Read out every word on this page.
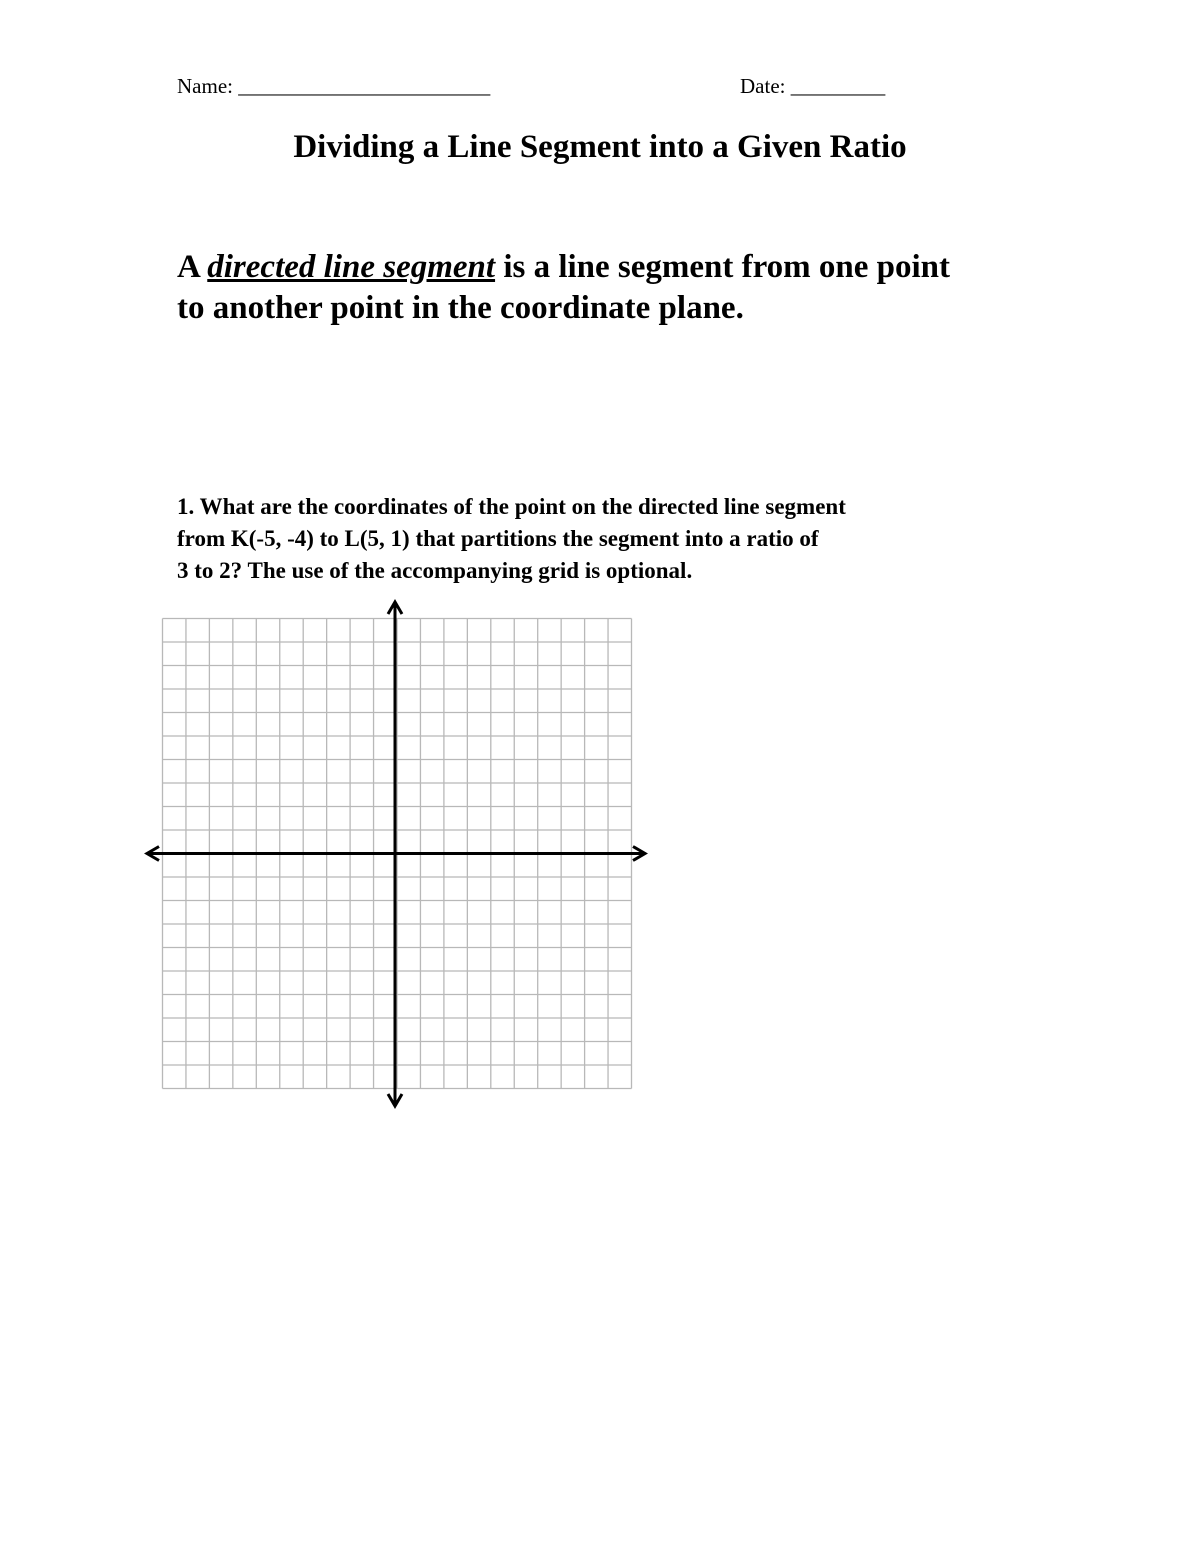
Name: ________________________	Date: _________
Dividing a Line Segment into a Given Ratio
A directed line segment is a line segment from one point
to another point in the coordinate plane.
1. What are the coordinates of the point on the directed line segment
from K(-5, -4) to L(5, 1) that partitions the segment into a ratio of
3 to 2? The use of the accompanying grid is optional.
